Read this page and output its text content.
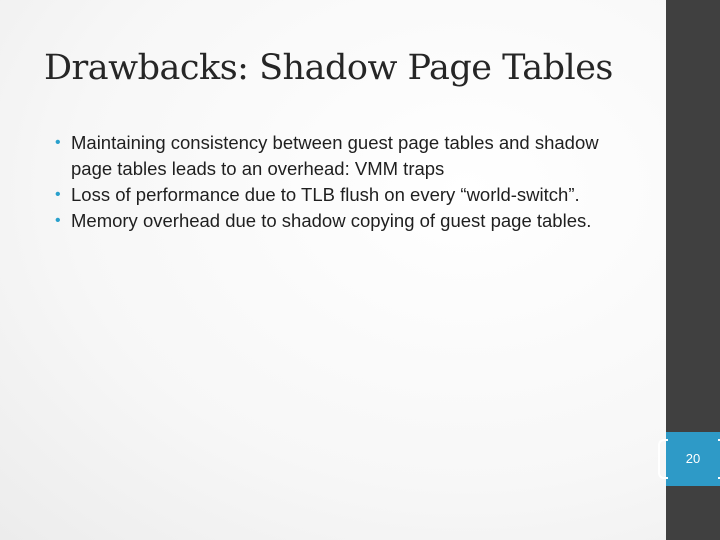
Drawbacks: Shadow Page Tables
• Maintaining consistency between guest page tables and shadow page tables leads to an overhead: VMM traps
• Loss of performance due to TLB flush on every “world-switch”.
• Memory overhead due to shadow copying of guest page tables.
20
